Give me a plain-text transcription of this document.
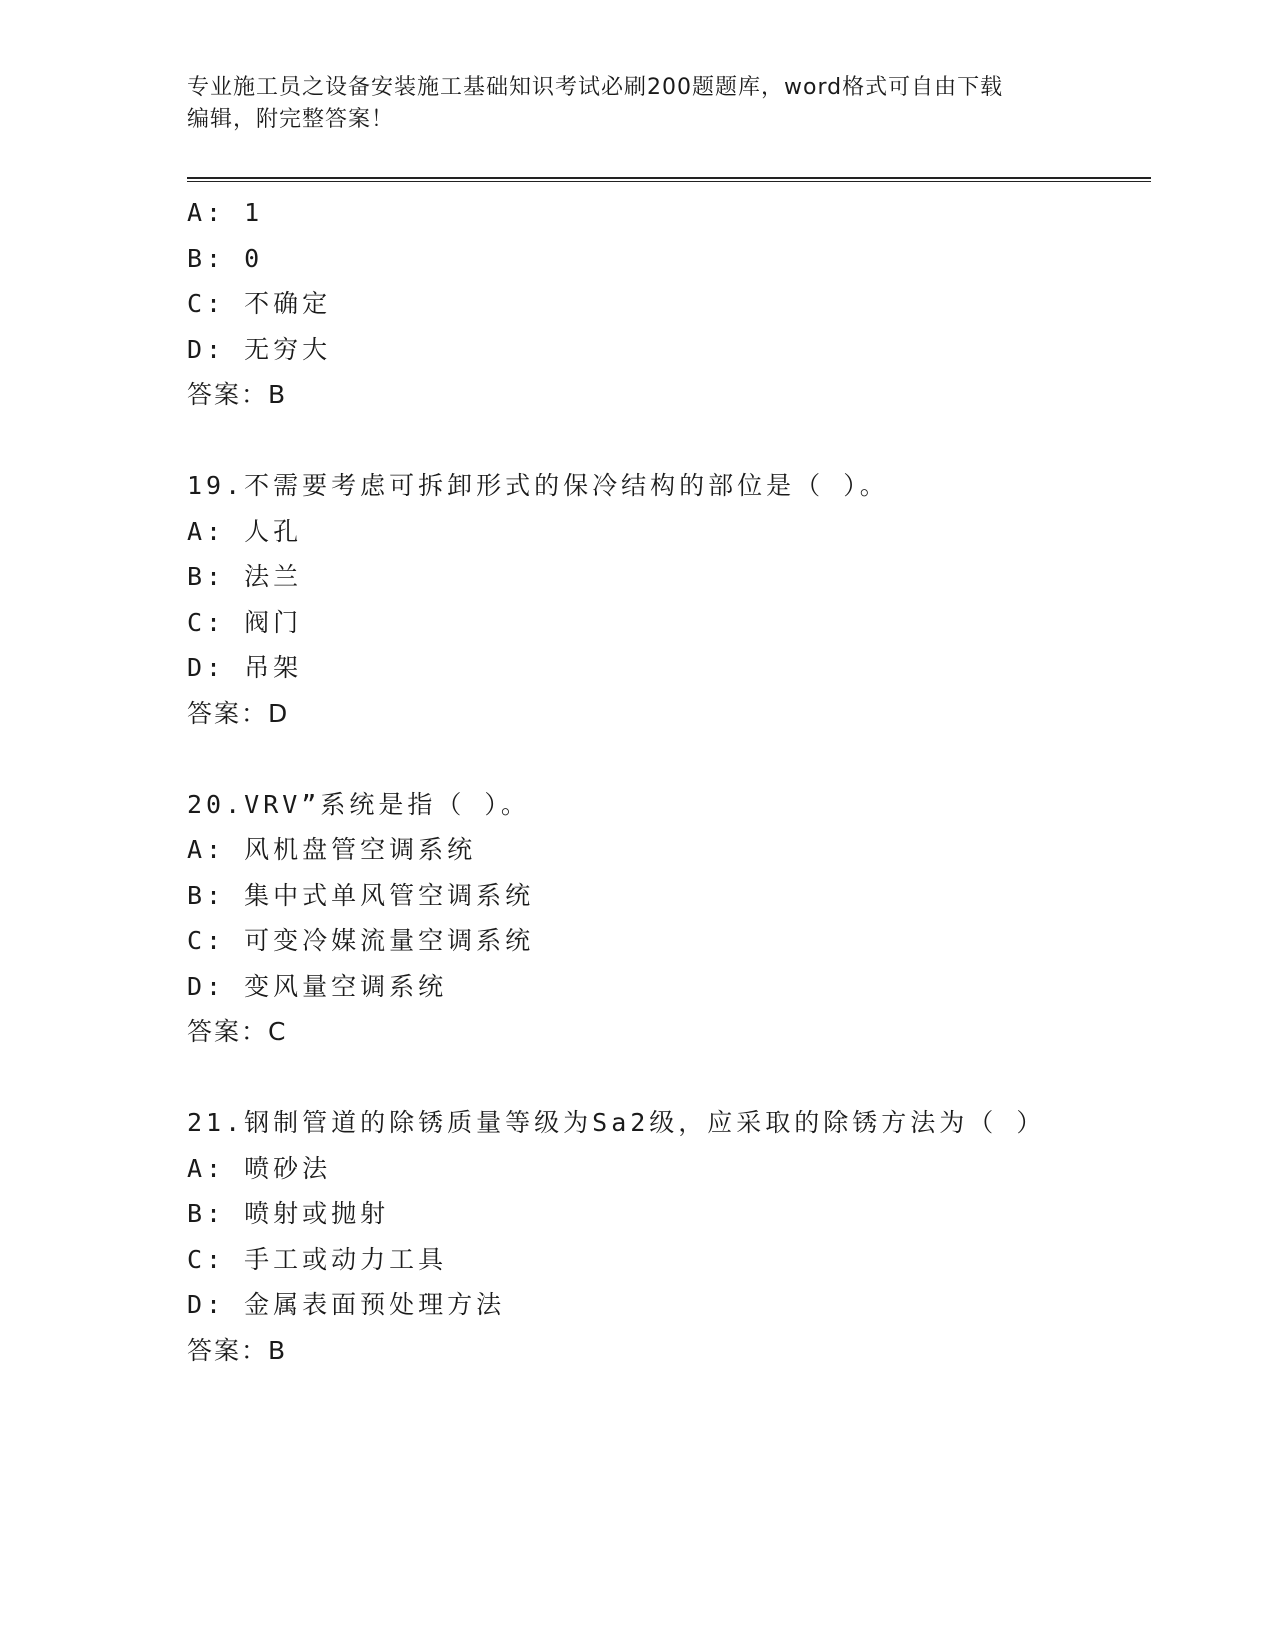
专业施工员之设备安装施工基础知识考试必刷200题题库，word格式可自由下载
编辑，附完整答案！
A: 1
B: 0
C: 不确定
D: 无穷大
答案：B
19.不需要考虑可拆卸形式的保冷结构的部位是（ ）。
A: 人孔
B: 法兰
C: 阀门
D: 吊架
答案：D
20.VRV”系统是指（ ）。
A: 风机盘管空调系统
B: 集中式单风管空调系统
C: 可变冷媒流量空调系统
D: 变风量空调系统
答案：C
21.钢制管道的除锈质量等级为Sa2级，应采取的除锈方法为（ ）
A: 喷砂法
B: 喷射或抛射
C: 手工或动力工具
D: 金属表面预处理方法
答案：B
